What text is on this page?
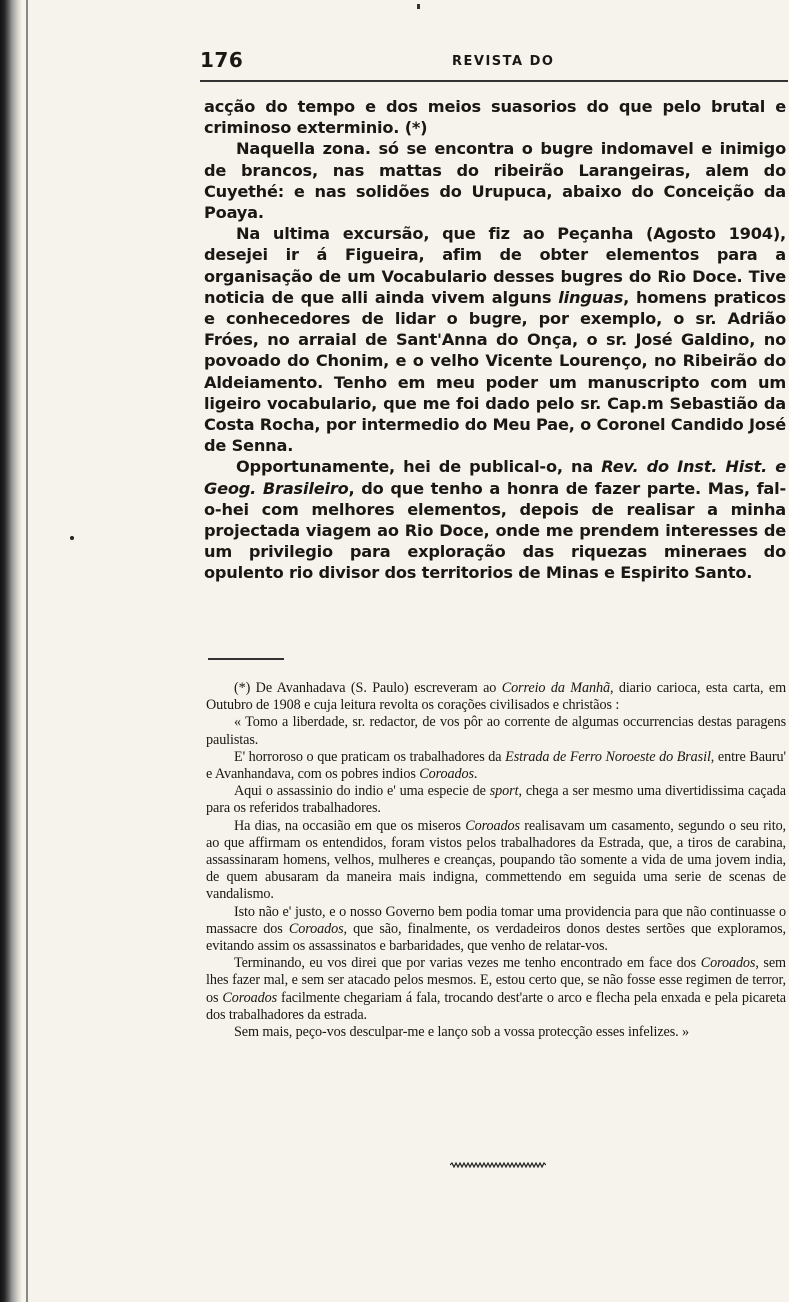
176	REVISTA DO

acção do tempo e dos meios suasorios do que pelo brutal e criminoso exterminio. (*)

Naquella zona. só se encontra o bugre indomavel e inimigo de brancos, nas mattas do ribeirão Larangeiras, alem do Cuyethé: e nas solidões do Urupuca, abaixo do Conceição da Poaya.

Na ultima excursão, que fiz ao Peçanha (Agosto 1904), desejei ir á Figueira, afim de obter elementos para a organisação de um Vocabulario desses bugres do Rio Doce. Tive noticia de que alli ainda vivem alguns linguas, homens praticos e conhecedores de lidar o bugre, por exemplo, o sr. Adrião Fróes, no arraial de Sant'Anna do Onça, o sr. José Galdino, no povoado do Chonim, e o velho Vicente Lourenço, no Ribeirão do Aldeiamento. Tenho em meu poder um manuscripto com um ligeiro vocabulario, que me foi dado pelo sr. Cap.m Sebastião da Costa Rocha, por intermedio do Meu Pae, o Coronel Candido José de Senna.

Opportunamente, hei de publical-o, na Rev. do Inst. Hist. e Geog. Brasileiro, do que tenho a honra de fazer parte. Mas, fal-o-hei com melhores elementos, depois de realisar a minha projectada viagem ao Rio Doce, onde me prendem interesses de um privilegio para exploração das riquezas mineraes do opulento rio divisor dos territorios de Minas e Espirito Santo.

(*) De Avanhadava (S. Paulo) escreveram ao Correio da Manhã, diario carioca, esta carta, em Outubro de 1908 e cuja leitura revolta os corações civilisados e christãos :

« Tomo a liberdade, sr. redactor, de vos pôr ao corrente de algumas occurrencias destas paragens paulistas.

E' horroroso o que praticam os trabalhadores da Estrada de Ferro Noroeste do Brasil, entre Bauru' e Avanhandava, com os pobres indios Coroados.

Aqui o assassinio do indio e' uma especie de sport, chega a ser mesmo uma divertidissima caçada para os referidos trabalhadores.

Ha dias, na occasião em que os miseros Coroados realisavam um casamento, segundo o seu rito, ao que affirmam os entendidos, foram vistos pelos trabalhadores da Estrada, que, a tiros de carabina, assassinaram homens, velhos, mulheres e creanças, poupando tão somente a vida de uma jovem india, de quem abusaram da maneira mais indigna, commettendo em seguida uma serie de scenas de vandalismo.

Isto não e' justo, e o nosso Governo bem podia tomar uma providencia para que não continuasse o massacre dos Coroados, que são, finalmente, os verdadeiros donos destes sertões que exploramos, evitando assim os assassinatos e barbaridades, que venho de relatar-vos.

Terminando, eu vos direi que por varias vezes me tenho encontrado em face dos Coroados, sem lhes fazer mal, e sem ser atacado pelos mesmos. E, estou certo que, se não fosse esse regimen de terror, os Coroados facilmente chegariam á fala, trocando dest'arte o arco e flecha pela enxada e pela picareta dos trabalhadores da estrada.

Sem mais, peço-vos desculpar-me e lanço sob a vossa protecção esses infelizes. »
